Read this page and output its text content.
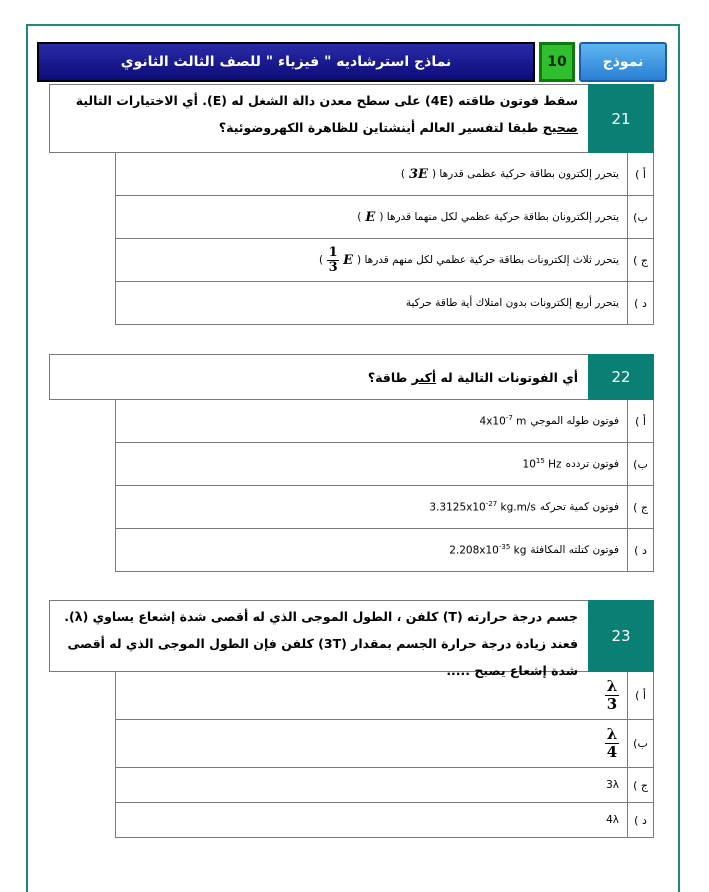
نموذج
10
نماذج استرشاديه " فيزياء " للصف الثالث الثانوي
21
سقط فوتون طاقته (4E) على سطح معدن دالة الشغل له (E). أي الاختيارات التالية صحيح طبقا لتفسير العالم أينشتاين للظاهرة الكهروضوئية؟
أ )
يتحرر إلكترون بطاقة حركية عظمى قدرها (
3E
)
ب)
يتحرر إلكترونان بطاقة حركية عظمي لكل منهما قدرها (
E
)
ج )
يتحرر ثلاث إلكترونات بطاقة حركية عظمي لكل منهم قدرها (
E
$\frac{1}{3}$
)
د )
يتحرر أربع إلكترونات بدون امتلاك أية طاقة حركية
22
أي الفوتونات التالية له أكبر طاقة؟
أ )
فوتون طوله الموجي
$4x10^{-7}$ m
ب)
فوتون تردده
$10^{15}$ Hz
ج )
فوتون كمية تحركه
$3.3125x10^{-27}$ kg.m/s
د )
فوتون كتلته المكافئة
$2.208x10^{-35}$ kg
23
جسم درجة حرارته (T) كلفن ، الطول الموجى الذي له أقصى شدة إشعاع يساوي (λ). فعند زيادة درجة حرارة الجسم بمقدار (3T) كلفن فإن الطول الموجى الذي له أقصى شدة إشعاع يصبح .....
أ )
$\frac{\lambda}{3}$
ب)
$\frac{\lambda}{4}$
ج )
3λ
د )
4λ
